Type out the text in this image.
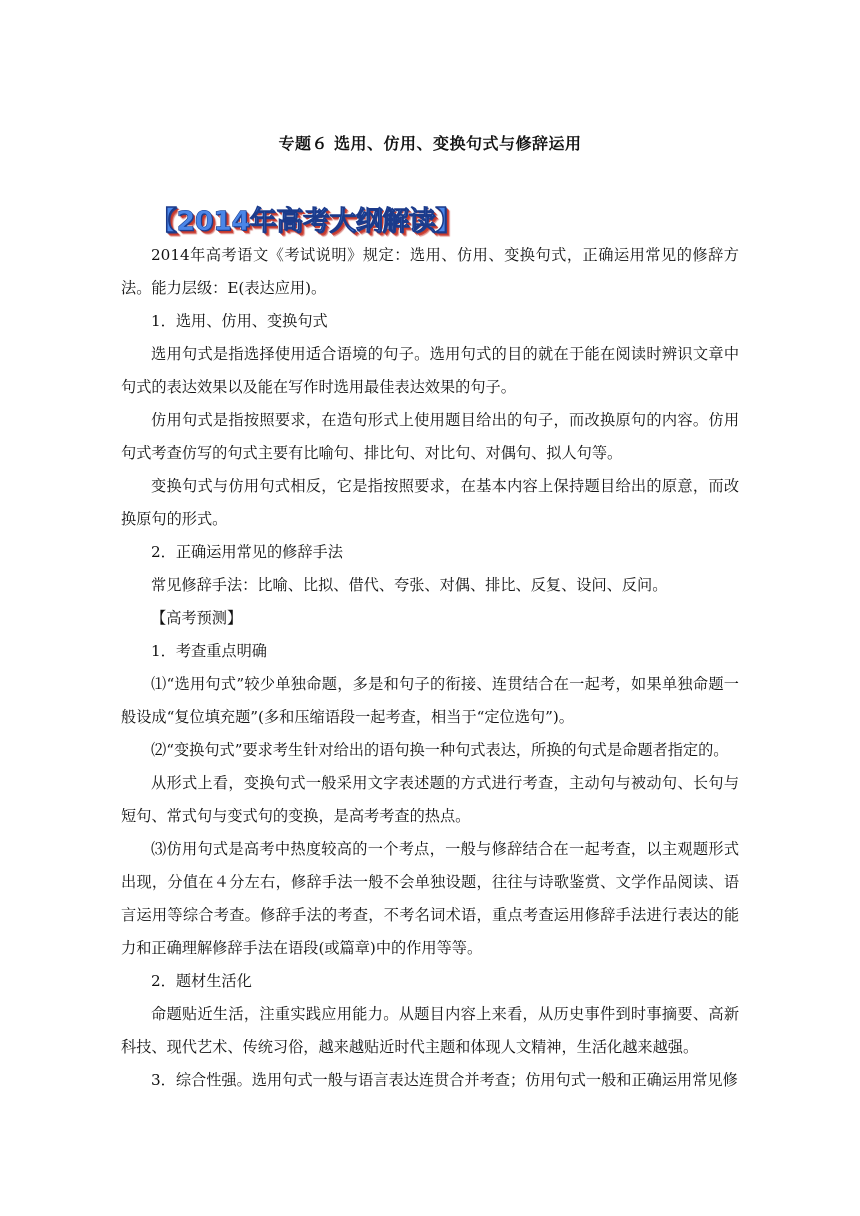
专题６ 选用、仿用、变换句式与修辞运用
【2014年高考大纲解读】

2014年高考语文《考试说明》规定：选用、仿用、变换句式，正确运用常见的修辞方法。能力层级：E(表达应用)。

1．选用、仿用、变换句式

选用句式是指选择使用适合语境的句子。选用句式的目的就在于能在阅读时辨识文章中句式的表达效果以及能在写作时选用最佳表达效果的句子。

仿用句式是指按照要求，在造句形式上使用题目给出的句子，而改换原句的内容。仿用句式考查仿写的句式主要有比喻句、排比句、对比句、对偶句、拟人句等。

变换句式与仿用句式相反，它是指按照要求，在基本内容上保持题目给出的原意，而改换原句的形式。

2．正确运用常见的修辞手法

常见修辞手法：比喻、比拟、借代、夸张、对偶、排比、反复、设问、反问。

【高考预测】

1．考查重点明确

⑴“选用句式”较少单独命题，多是和句子的衔接、连贯结合在一起考，如果单独命题一般设成“复位填充题”(多和压缩语段一起考查，相当于“定位选句”)。

⑵“变换句式”要求考生针对给出的语句换一种句式表达，所换的句式是命题者指定的。

从形式上看，变换句式一般采用文字表述题的方式进行考查，主动句与被动句、长句与短句、常式句与变式句的变换，是高考考查的热点。

⑶仿用句式是高考中热度较高的一个考点，一般与修辞结合在一起考查，以主观题形式出现，分值在４分左右，修辞手法一般不会单独设题，往往与诗歌鉴赏、文学作品阅读、语言运用等综合考查。修辞手法的考查，不考名词术语，重点考查运用修辞手法进行表达的能力和正确理解修辞手法在语段(或篇章)中的作用等等。

2．题材生活化

命题贴近生活，注重实践应用能力。从题目内容上来看，从历史事件到时事摘要、高新科技、现代艺术、传统习俗，越来越贴近时代主题和体现人文精神，生活化越来越强。

3．综合性强。选用句式一般与语言表达连贯合并考查；仿用句式一般和正确运用常见修
